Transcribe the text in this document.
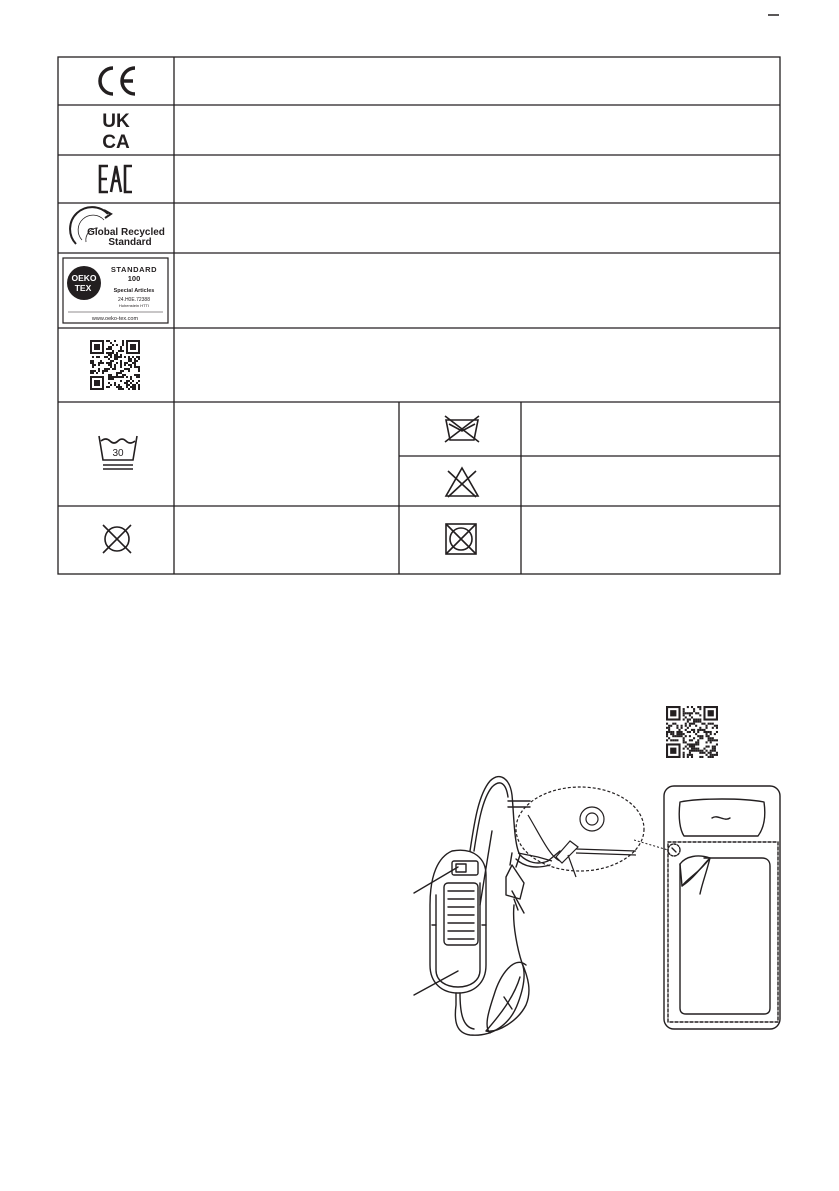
UK
CA
Global Recycled
Standard
OEKO
TEX
STANDARD
100
Special Articles
24.H0E.72388
Hohenstein HTTI
www.oeko-tex.com
30
